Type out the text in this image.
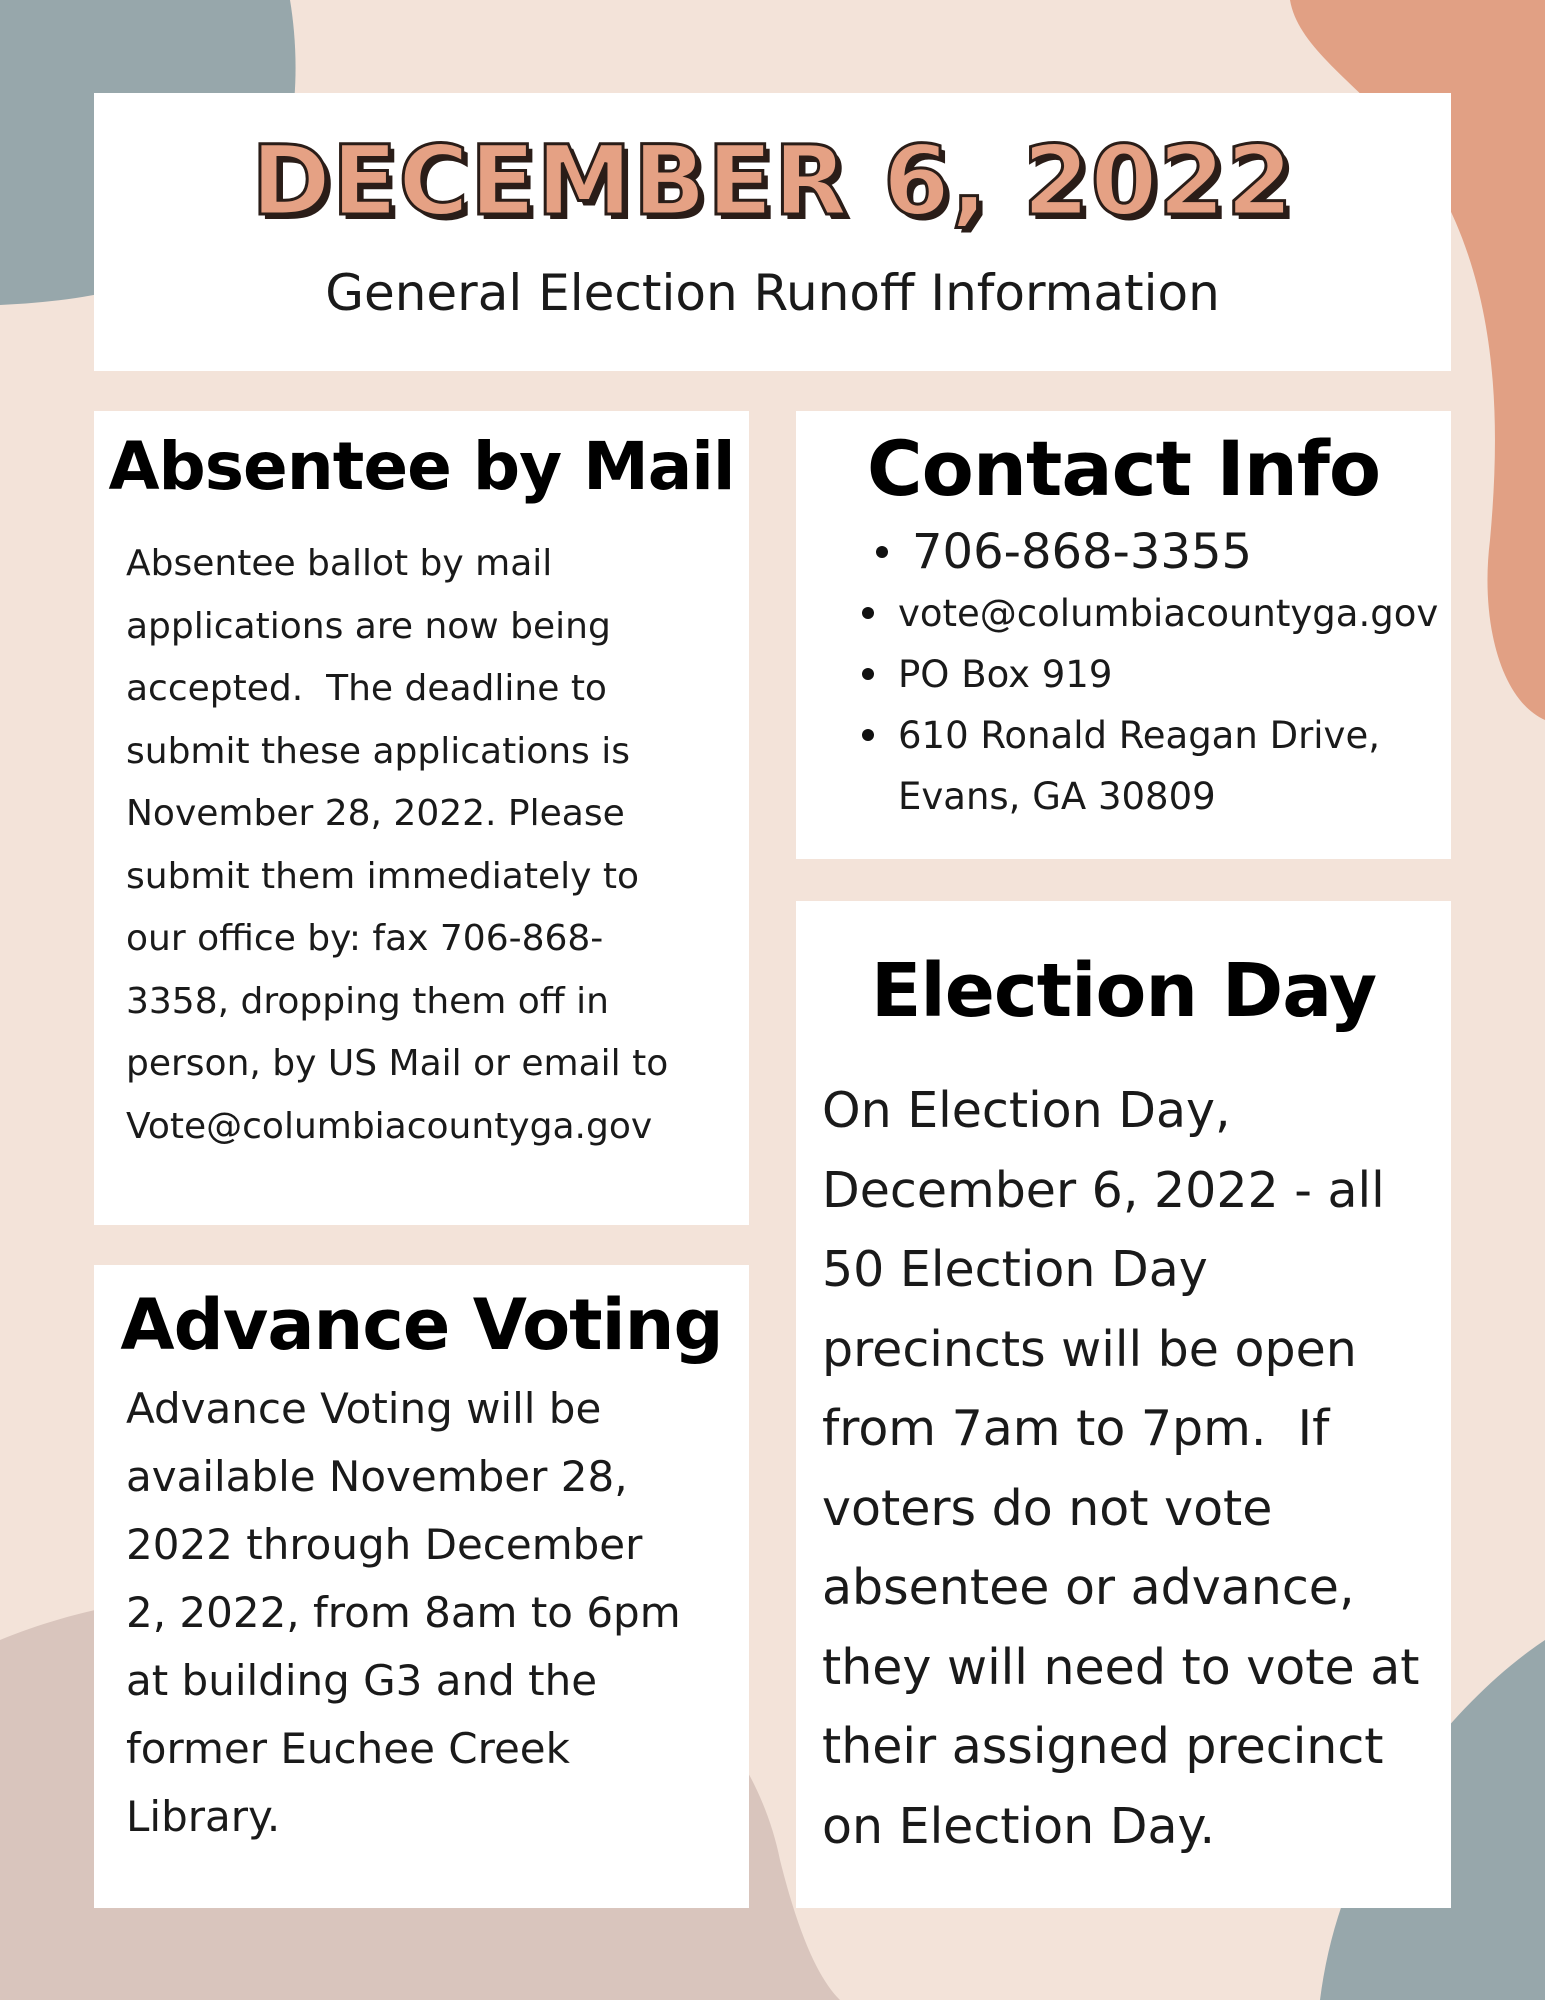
DECEMBER 6, 2022
General Election Runoff Information
Absentee by Mail

Absentee ballot by mail
applications are now being
accepted.  The deadline to
submit these applications is
November 28, 2022. Please
submit them immediately to
our office by: fax 706-868-
3358, dropping them off in
person, by US Mail or email to
Vote@columbiacountyga.gov

Advance Voting

Advance Voting will be
available November 28,
2022 through December
2, 2022, from 8am to 6pm
at building G3 and the
former Euchee Creek
Library.

Contact Info
706-868-3355
vote@columbiacountyga.gov
PO Box 919
610 Ronald Reagan Drive,
Evans, GA 30809
Election Day

On Election Day,
December 6, 2022 - all
50 Election Day
precincts will be open
from 7am to 7pm.  If
voters do not vote
absentee or advance,
they will need to vote at
their assigned precinct
on Election Day.
